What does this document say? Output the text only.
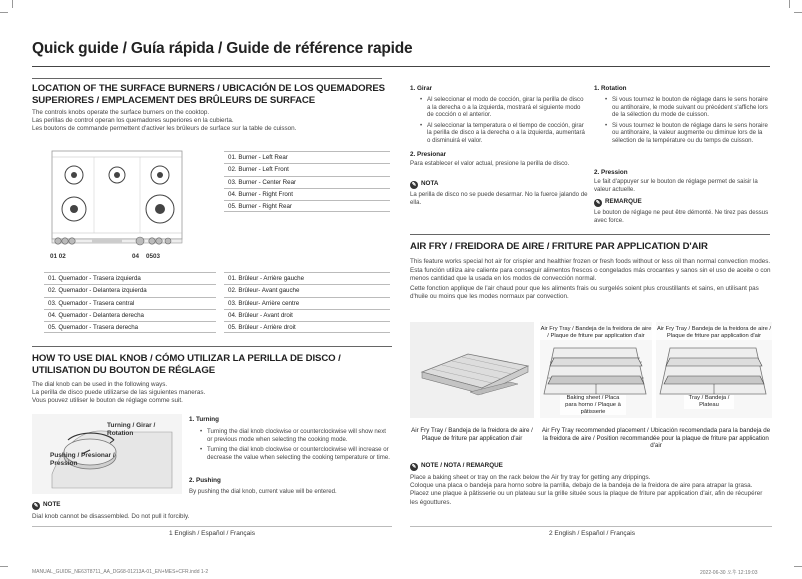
Quick guide / Guía rápida / Guide de référence rapide
LOCATION OF THE SURFACE BURNERS / UBICACIÓN DE LOS QUEMADORES SUPERIORES / EMPLACEMENT DES BRÛLEURS DE SURFACE
The controls knobs operate the surface burners on the cooktop.
Las perillas de control operan los quemadores superiores en la cubierta.
Les boutons de commande permettent d'activer les brûleurs de surface sur la table de cuisson.
01 02	04 0503
01. Burner - Left Rear
02. Burner - Left Front
03. Burner - Center Rear
04. Burner - Right Front
05. Burner - Right Rear
01. Quemador - Trasera izquierda
02. Quemador - Delantera izquierda
03. Quemador - Trasera central
04. Quemador - Delantera derecha
05. Quemador - Trasera derecha
01. Brûleur - Arrière gauche
02. Brûleur- Avant gauche
03. Brûleur- Arrière centre
04. Brûleur - Avant droit
05. Brûleur - Arrière droit
HOW TO USE DIAL KNOB / CÓMO UTILIZAR LA PERILLA DE DISCO / UTILISATION DU BOUTON DE RÉGLAGE
The dial knob can be used in the following ways.
La perilla de disco puede utilizarse de las siguientes maneras.
Vous pouvez utiliser le bouton de réglage comme suit.
Turning / Girar / Rotation
Pushing / Presionar / Pression
1. Turning
• Turning the dial knob clockwise or counterclockwise will show next or previous mode when selecting the cooking mode.
• Turning the dial knob clockwise or counterclockwise will increase or decrease the value when selecting the cooking temperature or time.
2. Pushing
By pushing the dial knob, current value will be entered.
✎ NOTE
Dial knob cannot be disassembled. Do not pull it forcibly.
1 English / Español / Français
1. Girar
• Al seleccionar el modo de cocción, girar la perilla de disco a la derecha o a la izquierda, mostrará el siguiente modo de cocción o el anterior.
• Al seleccionar la temperatura o el tiempo de cocción, girar la perilla de disco a la derecha o a la izquierda, aumentará o disminuirá el valor.
2. Presionar
Para establecer el valor actual, presione la perilla de disco.
✎ NOTA
La perilla de disco no se puede desarmar. No la fuerce jalando de ella.
1. Rotation
• Si vous tournez le bouton de réglage dans le sens horaire ou antihoraire, le mode suivant ou précédent s'affiche lors de la sélection du mode de cuisson.
• Si vous tournez le bouton de réglage dans le sens horaire ou antihoraire, la valeur augmente ou diminue lors de la sélection de la température ou du temps de cuisson.
2. Pression
Le fait d'appuyer sur le bouton de réglage permet de saisir la valeur actuelle.
✎ REMARQUE
Le bouton de réglage ne peut être démonté. Ne tirez pas dessus avec force.
AIR FRY / FREIDORA DE AIRE / FRITURE PAR APPLICATION D'AIR
This feature works special hot air for crispier and healthier frozen or fresh foods without or less oil than normal convection modes.
Esta función utiliza aire caliente para conseguir alimentos frescos o congelados más crocantes y sanos sin el uso de aceite o con menos cantidad que la usada en los modos de convección normal.
Cette fonction applique de l'air chaud pour que les aliments frais ou surgelés soient plus croustillants et sains, en utilisant pas d'huile ou moins que les modes normaux par convection.
Air Fry Tray / Bandeja de la freidora de aire / Plaque de friture par application d'air
Air Fry Tray / Bandeja de la freidora de aire / Plaque de friture par application d'air
Baking sheet / Placa para horno / Plaque à pâtisserie
Tray / Bandeja / Plateau
Air Fry Tray / Bandeja de la freidora de aire / Plaque de friture par application d'air
Air Fry Tray recommended placement / Ubicación recomendada para la bandeja de la freidora de aire / Position recommandée pour la plaque de friture par application d'air
✎ NOTE / NOTA / REMARQUE
Place a baking sheet or tray on the rack below the Air fry tray for getting any drippings.
Coloque una placa o bandeja para horno sobre la parrilla, debajo de la bandeja de la freidora de aire para atrapar la grasa.
Placez une plaque à pâtisserie ou un plateau sur la grille située sous la plaque de friture par application d'air, afin de récupérer les égouttures.
2 English / Español / Français
MANUAL_GUIDE_NE63T8711_AA_DG68-01213A-01_EN+MES+CFR.indd 1-2	2022-06-30 오후 12:19:03
